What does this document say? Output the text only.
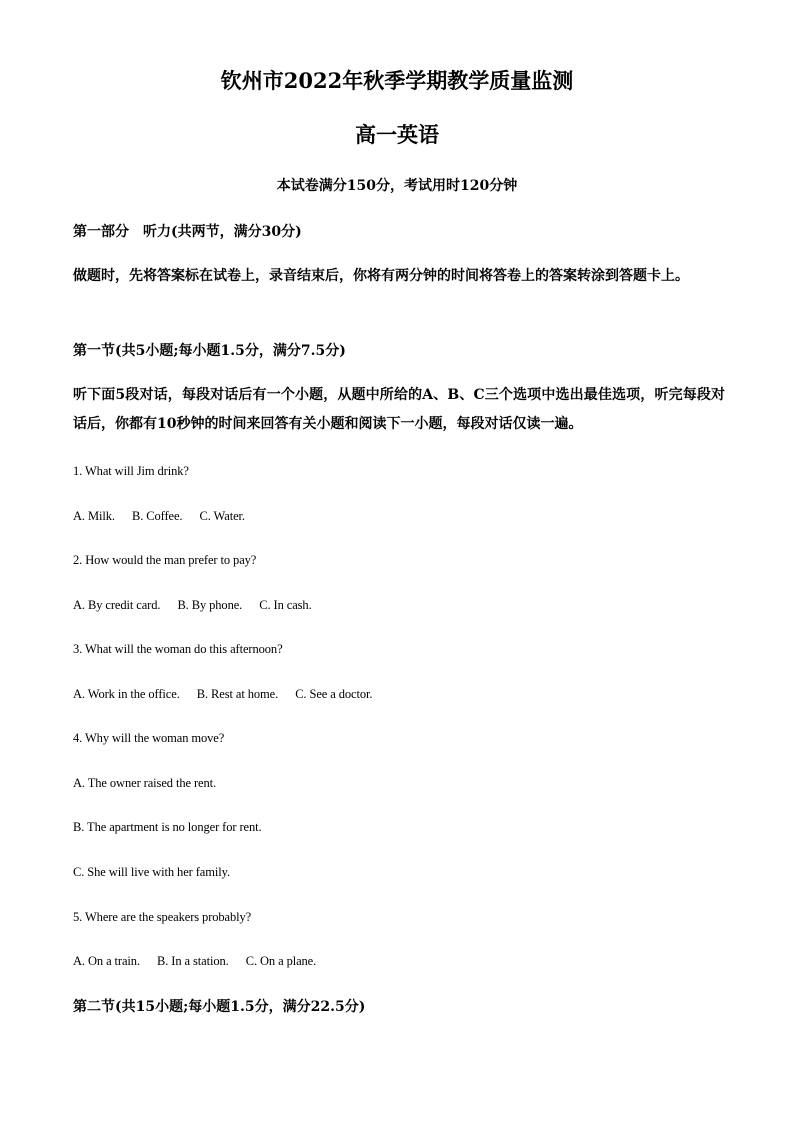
钦州市2022年秋季学期教学质量监测
高一英语
本试卷满分150分，考试用时120分钟
第一部分　听力(共两节，满分30分)
做题时，先将答案标在试卷上，录音结束后，你将有两分钟的时间将答卷上的答案转涂到答题卡上。
第一节(共5小题;每小题1.5分，满分7.5分)
听下面5段对话，每段对话后有一个小题，从题中所给的A、B、C三个选项中选出最佳选项，听完每段对话后，你都有10秒钟的时间来回答有关小题和阅读下一小题，每段对话仅读一遍。
1. What will Jim drink?
A. Milk. B. Coffee. C. Water.
2. How would the man prefer to pay?
A. By credit card. B. By phone. C. In cash.
3. What will the woman do this afternoon?
A. Work in the office. B. Rest at home. C. See a doctor.
4. Why will the woman move?
A. The owner raised the rent.
B. The apartment is no longer for rent.
C. She will live with her family.
5. Where are the speakers probably?
A. On a train. B. In a station. C. On a plane.
第二节(共15小题;每小题1.5分，满分22.5分)
